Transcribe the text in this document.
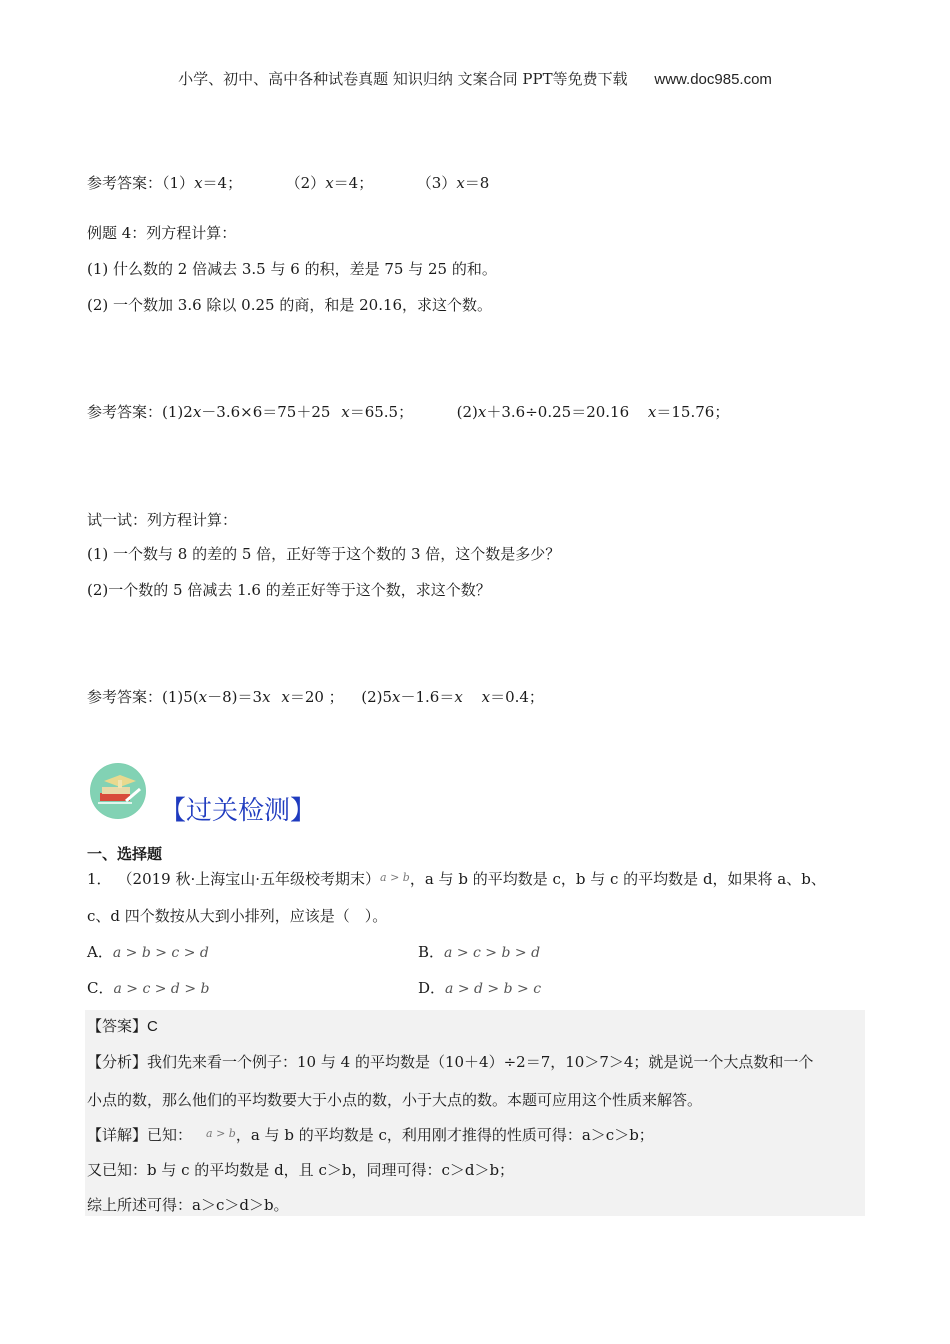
小学、初中、高中各种试卷真题 知识归纳 文案合同 PPT等免费下载 www.doc985.com
参考答案：（1）x＝4；	（2）x＝4；	（3）x＝8
例题 4：列方程计算：
(1) 什么数的 2 倍减去 3.5 与 6 的积，差是 75 与 25 的和。
(2) 一个数加 3.6 除以 0.25 的商，和是 20.16，求这个数。
参考答案：(1)2x－3.6×6＝75＋25 x＝65.5；	(2)x＋3.6÷0.25＝20.16 x＝15.76；
试一试：列方程计算：
(1) 一个数与 8 的差的 5 倍，正好等于这个数的 3 倍，这个数是多少？
(2)一个数的 5 倍减去 1.6 的差正好等于这个数，求这个数？
参考答案：(1)5(x－8)＝3x x＝20 ； (2)5x－1.6＝x x＝0.4；
【过关检测】
一、选择题
1． （2019 秋·上海宝山·五年级校考期末）$^{a > b}$，a 与 b 的平均数是 c，b 与 c 的平均数是 d，如果将 a、b、
c、d 四个数按从大到小排列，应该是（　）。
A．a > b > c > d	B．a > c > b > d
C．a > c > d > b	D．a > d > b > c
【答案】C
【分析】我们先来看一个例子：10 与 4 的平均数是（10＋4）÷2＝7，10＞7＞4；就是说一个大点数和一个
小点的数，那么他们的平均数要大于小点的数，小于大点的数。本题可应用这个性质来解答。
【详解】已知： $^{a > b}$，a 与 b 的平均数是 c，利用刚才推得的性质可得：a＞c＞b；
又已知：b 与 c 的平均数是 d，且 c＞b，同理可得：c＞d＞b；
综上所述可得：a＞c＞d＞b。
